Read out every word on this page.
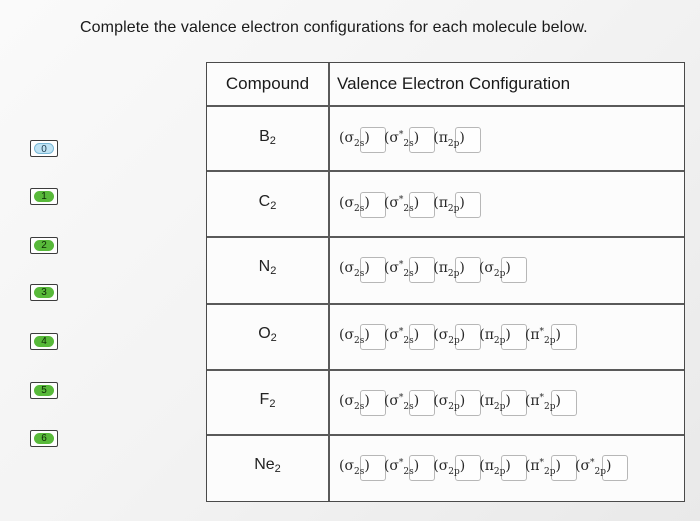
Complete the valence electron configurations for each molecule below.
0
1
2
3
4
5
6
Compound	Valence Electron Configuration
B2	$(\sigma_{2s})$ $(\sigma^*_{2s})$ $(\pi_{2p})$
C2	$(\sigma_{2s})$ $(\sigma^*_{2s})$ $(\pi_{2p})$
N2	$(\sigma_{2s})$ $(\sigma^*_{2s})$ $(\pi_{2p})$ $(\sigma_{2p})$
O2	$(\sigma_{2s})$ $(\sigma^*_{2s})$ $(\sigma_{2p})$ $(\pi_{2p})$ $(\pi^*_{2p})$
F2	$(\sigma_{2s})$ $(\sigma^*_{2s})$ $(\sigma_{2p})$ $(\pi_{2p})$ $(\pi^*_{2p})$
Ne2	$(\sigma_{2s})$ $(\sigma^*_{2s})$ $(\sigma_{2p})$ $(\pi_{2p})$ $(\pi^*_{2p})$ $(\sigma^*_{2p})$
